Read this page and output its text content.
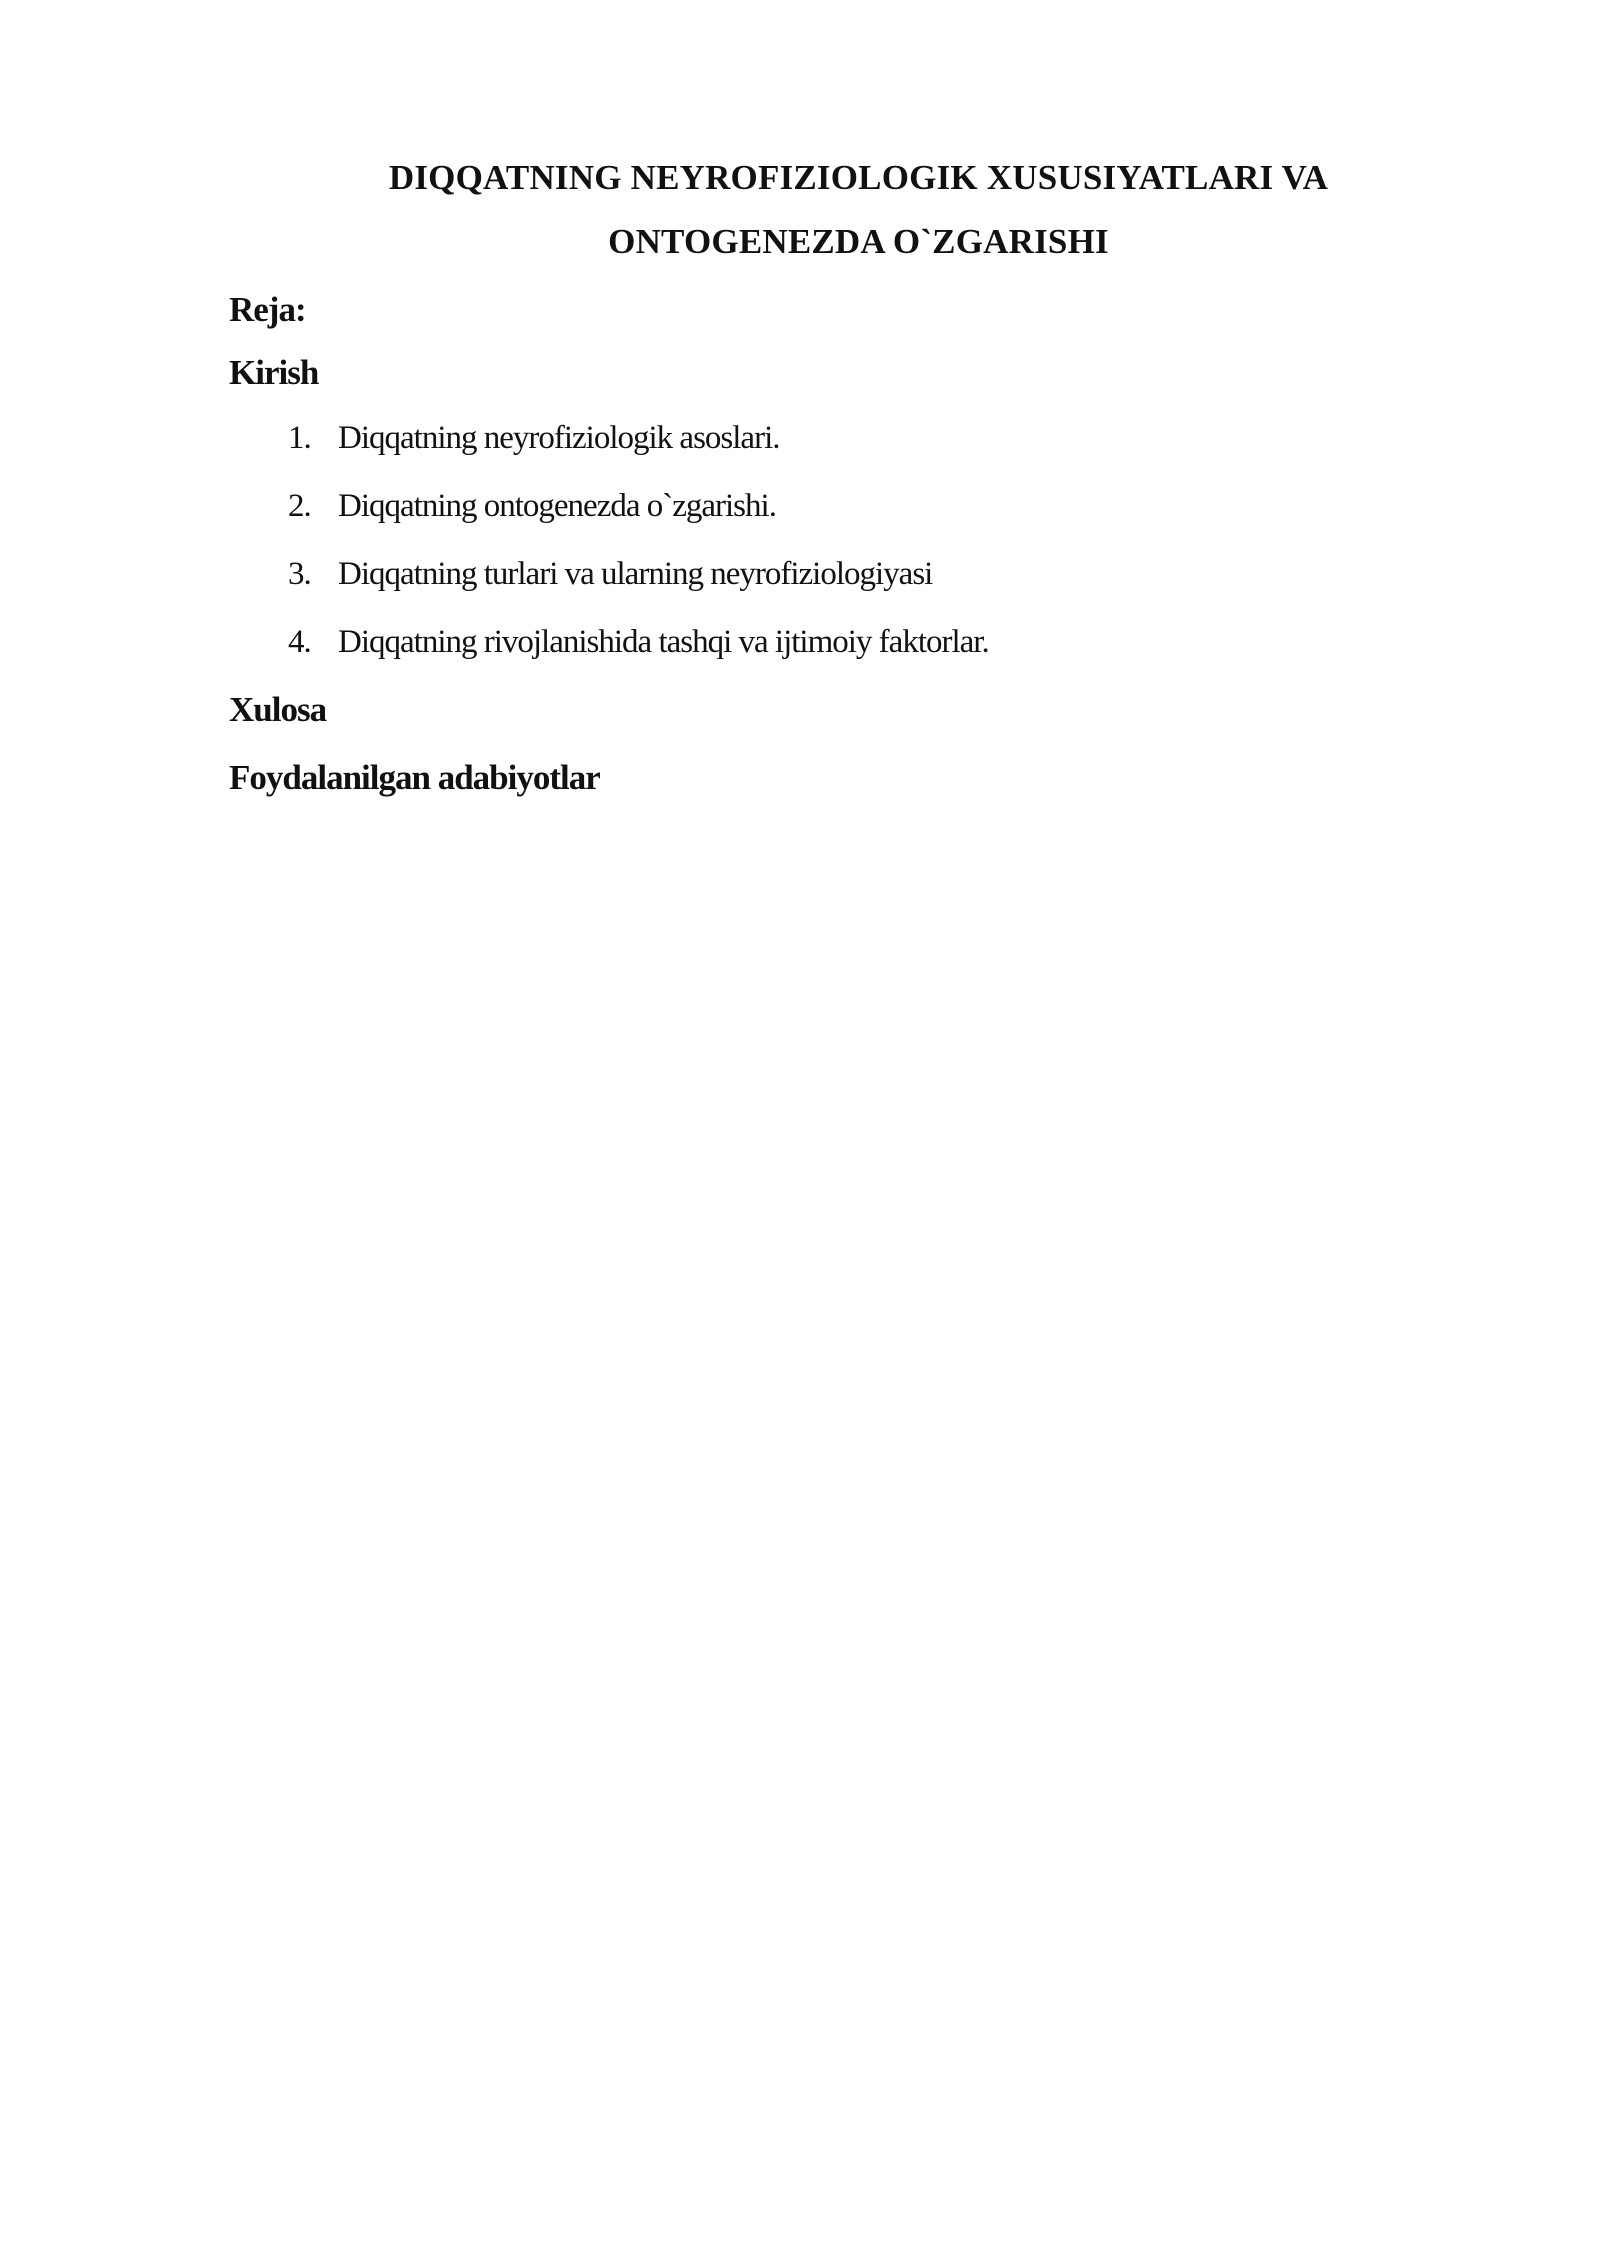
DIQQATNING NEYROFIZIOLOGIK XUSUSIYATLARI VA
ONTOGENEZDA O`ZGARISHI

Reja:

Kirish

1. Diqqatning neyrofiziologik asoslari.
2. Diqqatning ontogenezda o`zgarishi.
3. Diqqatning turlari va ularning neyrofiziologiyasi
4. Diqqatning rivojlanishida tashqi va ijtimoiy faktorlar.

Xulosa

Foydalanilgan adabiyotlar
